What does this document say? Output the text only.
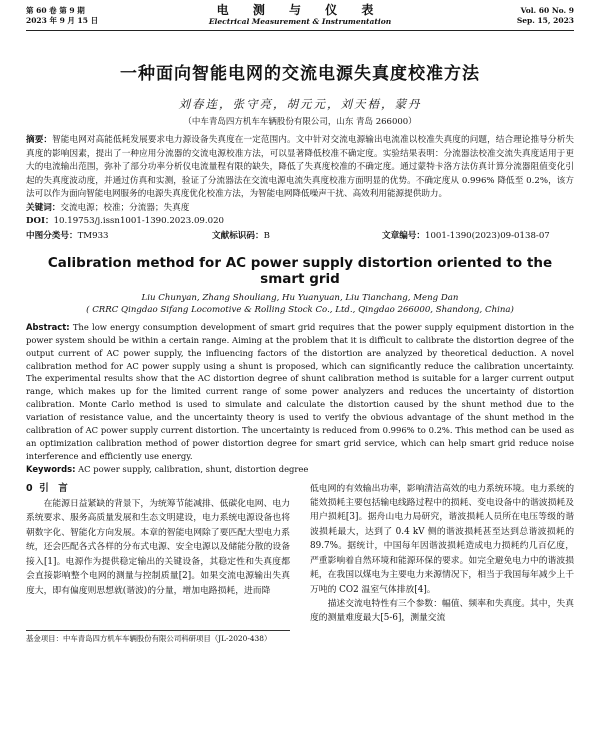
第 60 卷 第 9 期
2023 年 9 月 15 日
电 测 与 仪 表
Electrical Measurement & Instrumentation
Vol. 60 No. 9
Sep. 15, 2023
一种面向智能电网的交流电源失真度校准方法
刘春连，张守亮，胡元元，刘天梧，蒙丹
（中车青岛四方机车车辆股份有限公司，山东 青岛 266000）
摘要：智能电网对高能低耗发展要求电力源设备失真度在一定范围内。文中针对交流电源输出电流准以校准失真度的问题，结合理论推导分析失真度的影响因素，提出了一种应用分流器的交流电源校准方法，可以显著降低校准不确定度。实验结果表明：分流器法校准交流失真度适用于更大的电流输出范围，弥补了部分功率分析仪电流量程有限的缺失，降低了失真度校准的不确定度。通过蒙特卡洛方法仿真计算分流器阻值变化引起的失真度波动度，并通过仿真和实测，验证了分流器法在交流电源电流失真度校准方面明显的优势。不确定度从 0.996% 降低至 0.2%，该方法可以作为面向智能电网服务的电源失真度优化校准方法，为智能电网降低噪声干扰、高效利用能源提供助力。
关键词：交流电源；校准；分流器；失真度
DOI：10.19753/j.issn1001-1390.2023.09.020
中图分类号：TM933	文献标识码：B	文章编号：1001-1390(2023)09-0138-07
Calibration method for AC power supply distortion oriented to the smart grid
Liu Chunyan, Zhang Shouliang, Hu Yuanyuan, Liu Tianchang, Meng Dan
( CRRC Qingdao Sifang Locomotive & Rolling Stock Co., Ltd., Qingdao 266000, Shandong, China)
Abstract: The low energy consumption development of smart grid requires that the power supply equipment distortion in the power system should be within a certain range. Aiming at the problem that it is difficult to calibrate the distortion degree of the output current of AC power supply, the influencing factors of the distortion are analyzed by theoretical deduction. A novel calibration method for AC power supply using a shunt is proposed, which can significantly reduce the calibration uncertainty. The experimental results show that the AC distortion degree of shunt calibration method is suitable for a larger current output range, which makes up for the limited current range of some power analyzers and reduces the uncertainty of distortion calibration. Monte Carlo method is used to simulate and calculate the distortion caused by the shunt method due to the variation of resistance value, and the uncertainty theory is used to verify the obvious advantage of the shunt method in the calibration of AC power supply current distortion. The uncertainty is reduced from 0.996% to 0.2%. This method can be used as an optimization calibration method of power distortion degree for smart grid service, which can help smart grid reduce noise interference and efficiently use energy.
Keywords: AC power supply, calibration, shunt, distortion degree
0 引　言
在能源日益紧缺的背景下，为统筹节能减排、低碳化电网、电力系统要求、服务高质量发展和生态文明建设，电力系统电源设备也将朝数字化、智能化方向发展。本章的智能电网除了要匹配大型电力系统，还会匹配各式各样的分布式电源、安全电源以及储能分散的设备接入[1]。电源作为提供稳定输出的关键设备，其稳定性和失真度都会直接影响整个电网的测量与控制质量[2]。如果交流电源输出失真度大，即有偏度则思想就(谐波)的分量，增加电路损耗，进而降
基金项目：中车青岛四方机车车辆股份有限公司科研项目（JL-2020-438）
低电网的有效输出功率，影响清洁高效的电力系统环境。电力系统的能效损耗主要包括输电线路过程中的损耗、变电设备中的谐波损耗及用户损耗[3]。据舟山电力局研究，谐波损耗人员所在电压等级的谐波损耗最大，达到了 0.4 kV 侧的谐波损耗甚至达到总谐波损耗的 89.7%。据统计，中国每年因谐波损耗造成电力损耗约几百亿度，严重影响着自然环境和能源环保的要求。如完全避免电力中的谐波损耗，在我国以煤电为主要电力来源情况下，相当于我国每年减少上千万吨的 CO2 温室气体排放[4]。
描述交流电特性有三个参数：幅值、频率和失真度。其中，失真度的测量难度最大[5-6]，测量交流
